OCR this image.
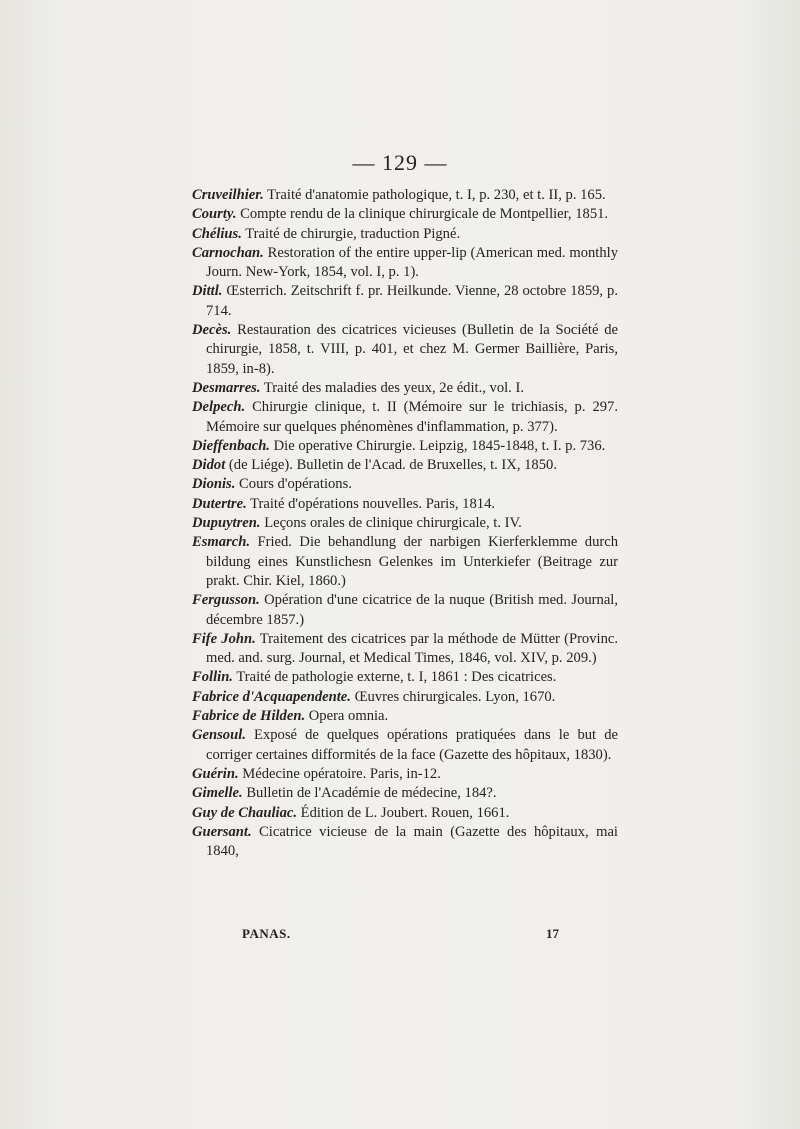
— 129 —
Cruveilhier. Traité d'anatomie pathologique, t. I, p. 230, et t. II, p. 165.
Courty. Compte rendu de la clinique chirurgicale de Montpellier, 1851.
Chélius. Traité de chirurgie, traduction Pigné.
Carnochan. Restoration of the entire upper-lip (American med. monthly Journ. New-York, 1854, vol. I, p. 1).
Dittl. Œsterrich. Zeitschrift f. pr. Heilkunde. Vienne, 28 octobre 1859, p. 714.
Decès. Restauration des cicatrices vicieuses (Bulletin de la Société de chirurgie, 1858, t. VIII, p. 401, et chez M. Germer Baillière, Paris, 1859, in-8).
Desmarres. Traité des maladies des yeux, 2e édit., vol. I.
Delpech. Chirurgie clinique, t. II (Mémoire sur le trichiasis, p. 297. Mémoire sur quelques phénomènes d'inflammation, p. 377).
Dieffenbach. Die operative Chirurgie. Leipzig, 1845-1848, t. I. p. 736.
Didot (de Liége). Bulletin de l'Acad. de Bruxelles, t. IX, 1850.
Dionis. Cours d'opérations.
Dutertre. Traité d'opérations nouvelles. Paris, 1814.
Dupuytren. Leçons orales de clinique chirurgicale, t. IV.
Esmarch. Fried. Die behandlung der narbigen Kierferklemme durch bildung eines Kunstlichesn Gelenkes im Unterkiefer (Beitrage zur prakt. Chir. Kiel, 1860.)
Fergusson. Opération d'une cicatrice de la nuque (British med. Journal, décembre 1857.)
Fife John. Traitement des cicatrices par la méthode de Mütter (Provinc. med. and. surg. Journal, et Medical Times, 1846, vol. XIV, p. 209.)
Follin. Traité de pathologie externe, t. I, 1861 : Des cicatrices.
Fabrice d'Acquapendente. Œuvres chirurgicales. Lyon, 1670.
Fabrice de Hilden. Opera omnia.
Gensoul. Exposé de quelques opérations pratiquées dans le but de corriger certaines difformités de la face (Gazette des hôpitaux, 1830).
Guérin. Médecine opératoire. Paris, in-12.
Gimelle. Bulletin de l'Académie de médecine, 184?.
Guy de Chauliac. Édition de L. Joubert. Rouen, 1661.
Guersant. Cicatrice vicieuse de la main (Gazette des hôpitaux, mai 1840,
PANAS.	17
